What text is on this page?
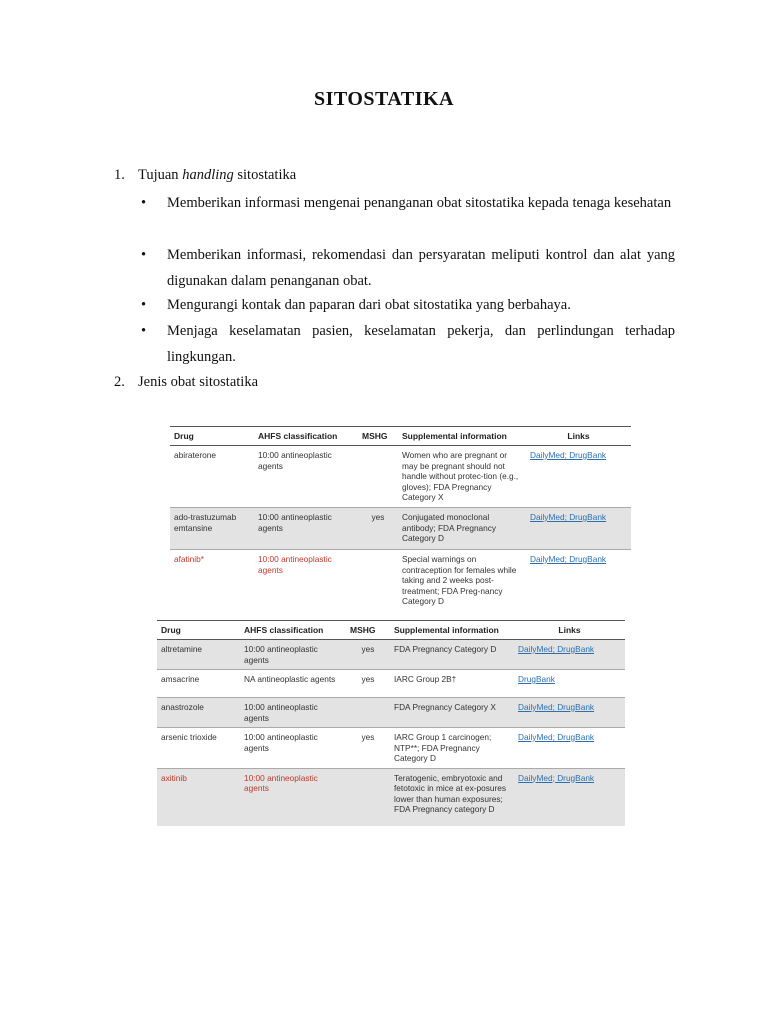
SITOSTATIKA
1. Tujuan handling sitostatika
• Memberikan informasi mengenai penanganan obat sitostatika kepada tenaga kesehatan
• Memberikan informasi, rekomendasi dan persyaratan meliputi kontrol dan alat yang digunakan dalam penanganan obat.
• Mengurangi kontak dan paparan dari obat sitostatika yang berbahaya.
• Menjaga keselamatan pasien, keselamatan pekerja, dan perlindungan terhadap lingkungan.
2. Jenis obat sitostatika
Drug	AHFS classification	MSHG	Supplemental information	Links
abiraterone	10:00 antineoplastic agents		Women who are pregnant or may be pregnant should not handle without protec-tion (e.g., gloves); FDA Pregnancy Category X	DailyMed; DrugBank
ado-trastuzumab emtansine	10:00 antineoplastic agents	yes	Conjugated monoclonal antibody; FDA Pregnancy Category D	DailyMed; DrugBank
afatinib*	10:00 antineoplastic agents		Special warnings on contraception for females while taking and 2 weeks post-treatment; FDA Preg-nancy Category D	DailyMed; DrugBank
Drug	AHFS classification	MSHG	Supplemental information	Links
altretamine	10:00 antineoplastic agents	yes	FDA Pregnancy Category D	DailyMed; DrugBank
amsacrine	NA antineoplastic agents	yes	IARC Group 2B†	DrugBank
anastrozole	10:00 antineoplastic agents		FDA Pregnancy Category X	DailyMed; DrugBank
arsenic trioxide	10:00 antineoplastic agents	yes	IARC Group 1 carcinogen; NTP**; FDA Pregnancy Category D	DailyMed; DrugBank
axitinib	10:00 antineoplastic agents		Teratogenic, embryotoxic and fetotoxic in mice at ex-posures lower than human exposures; FDA Pregnancy category D	DailyMed; DrugBank
